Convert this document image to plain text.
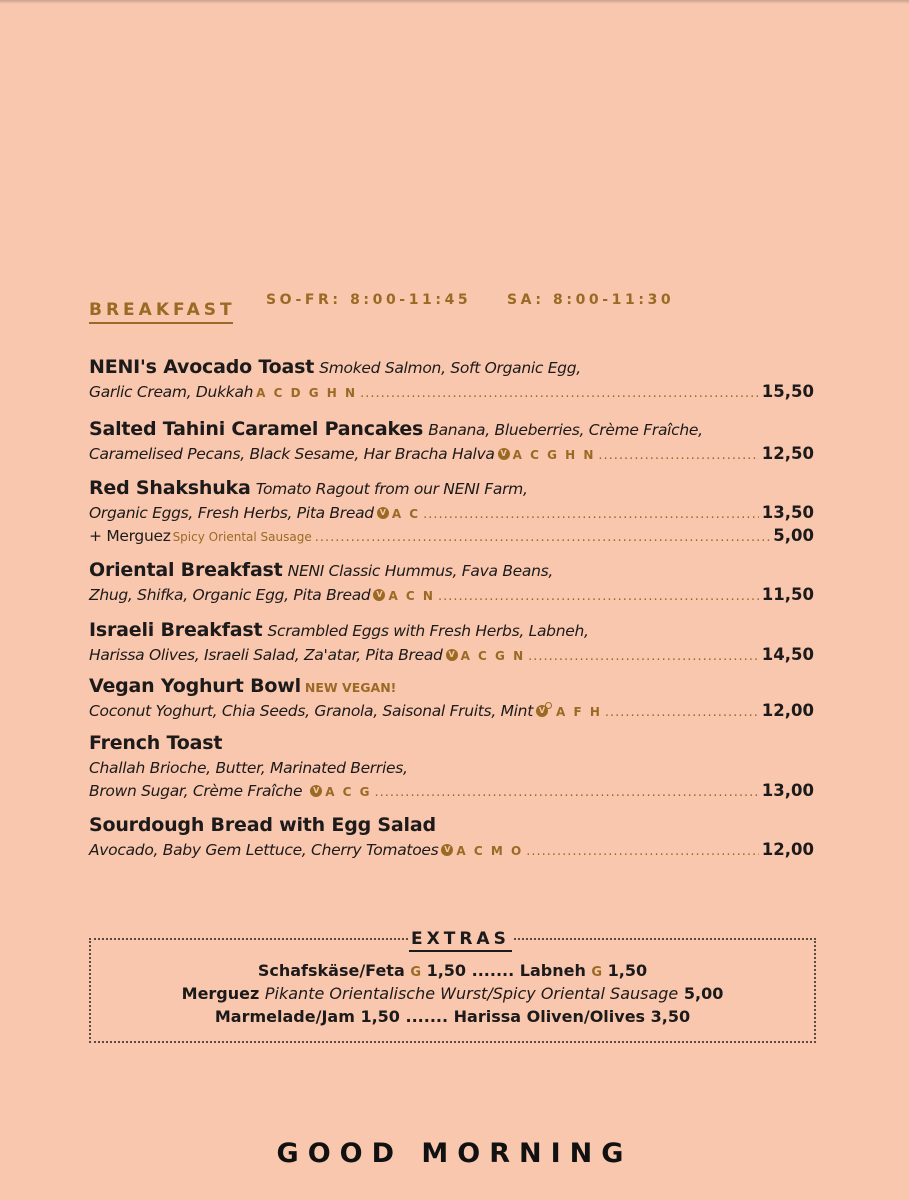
BREAKFAST SO-FR: 8:00-11:45	SA: 8:00-11:30
NENI's Avocado Toast Smoked Salmon, Soft Organic Egg,
Garlic Cream, Dukkah A C D G H N .....	15,50
Salted Tahini Caramel Pancakes Banana, Blueberries, Crème Fraîche,
Caramelised Pecans, Black Sesame, Har Bracha Halva V A C G H N .....	12,50
Red Shakshuka Tomato Ragout from our NENI Farm,
Organic Eggs, Fresh Herbs, Pita Bread V A C .....	13,50
+ Merguez Spicy Oriental Sausage .....	5,00
Oriental Breakfast NENI Classic Hummus, Fava Beans,
Zhug, Shifka, Organic Egg, Pita Bread V A C N .....	11,50
Israeli Breakfast Scrambled Eggs with Fresh Herbs, Labneh,
Harissa Olives, Israeli Salad, Za'atar, Pita Bread V A C G N .....	14,50
Vegan Yoghurt Bowl NEW VEGAN!
Coconut Yoghurt, Chia Seeds, Granola, Saisonal Fruits, Mint V A F H .....	12,00
French Toast
Challah Brioche, Butter, Marinated Berries,
Brown Sugar, Crème Fraîche V A C G .....	13,00
Sourdough Bread with Egg Salad
Avocado, Baby Gem Lettuce, Cherry Tomatoes V A C M O .....	12,00
EXTRAS
Schafskäse/Feta G 1,50 ....... Labneh G 1,50
Merguez Pikante Orientalische Wurst/Spicy Oriental Sausage 5,00
Marmelade/Jam 1,50 ....... Harissa Oliven/Olives 3,50
GOOD MORNING
